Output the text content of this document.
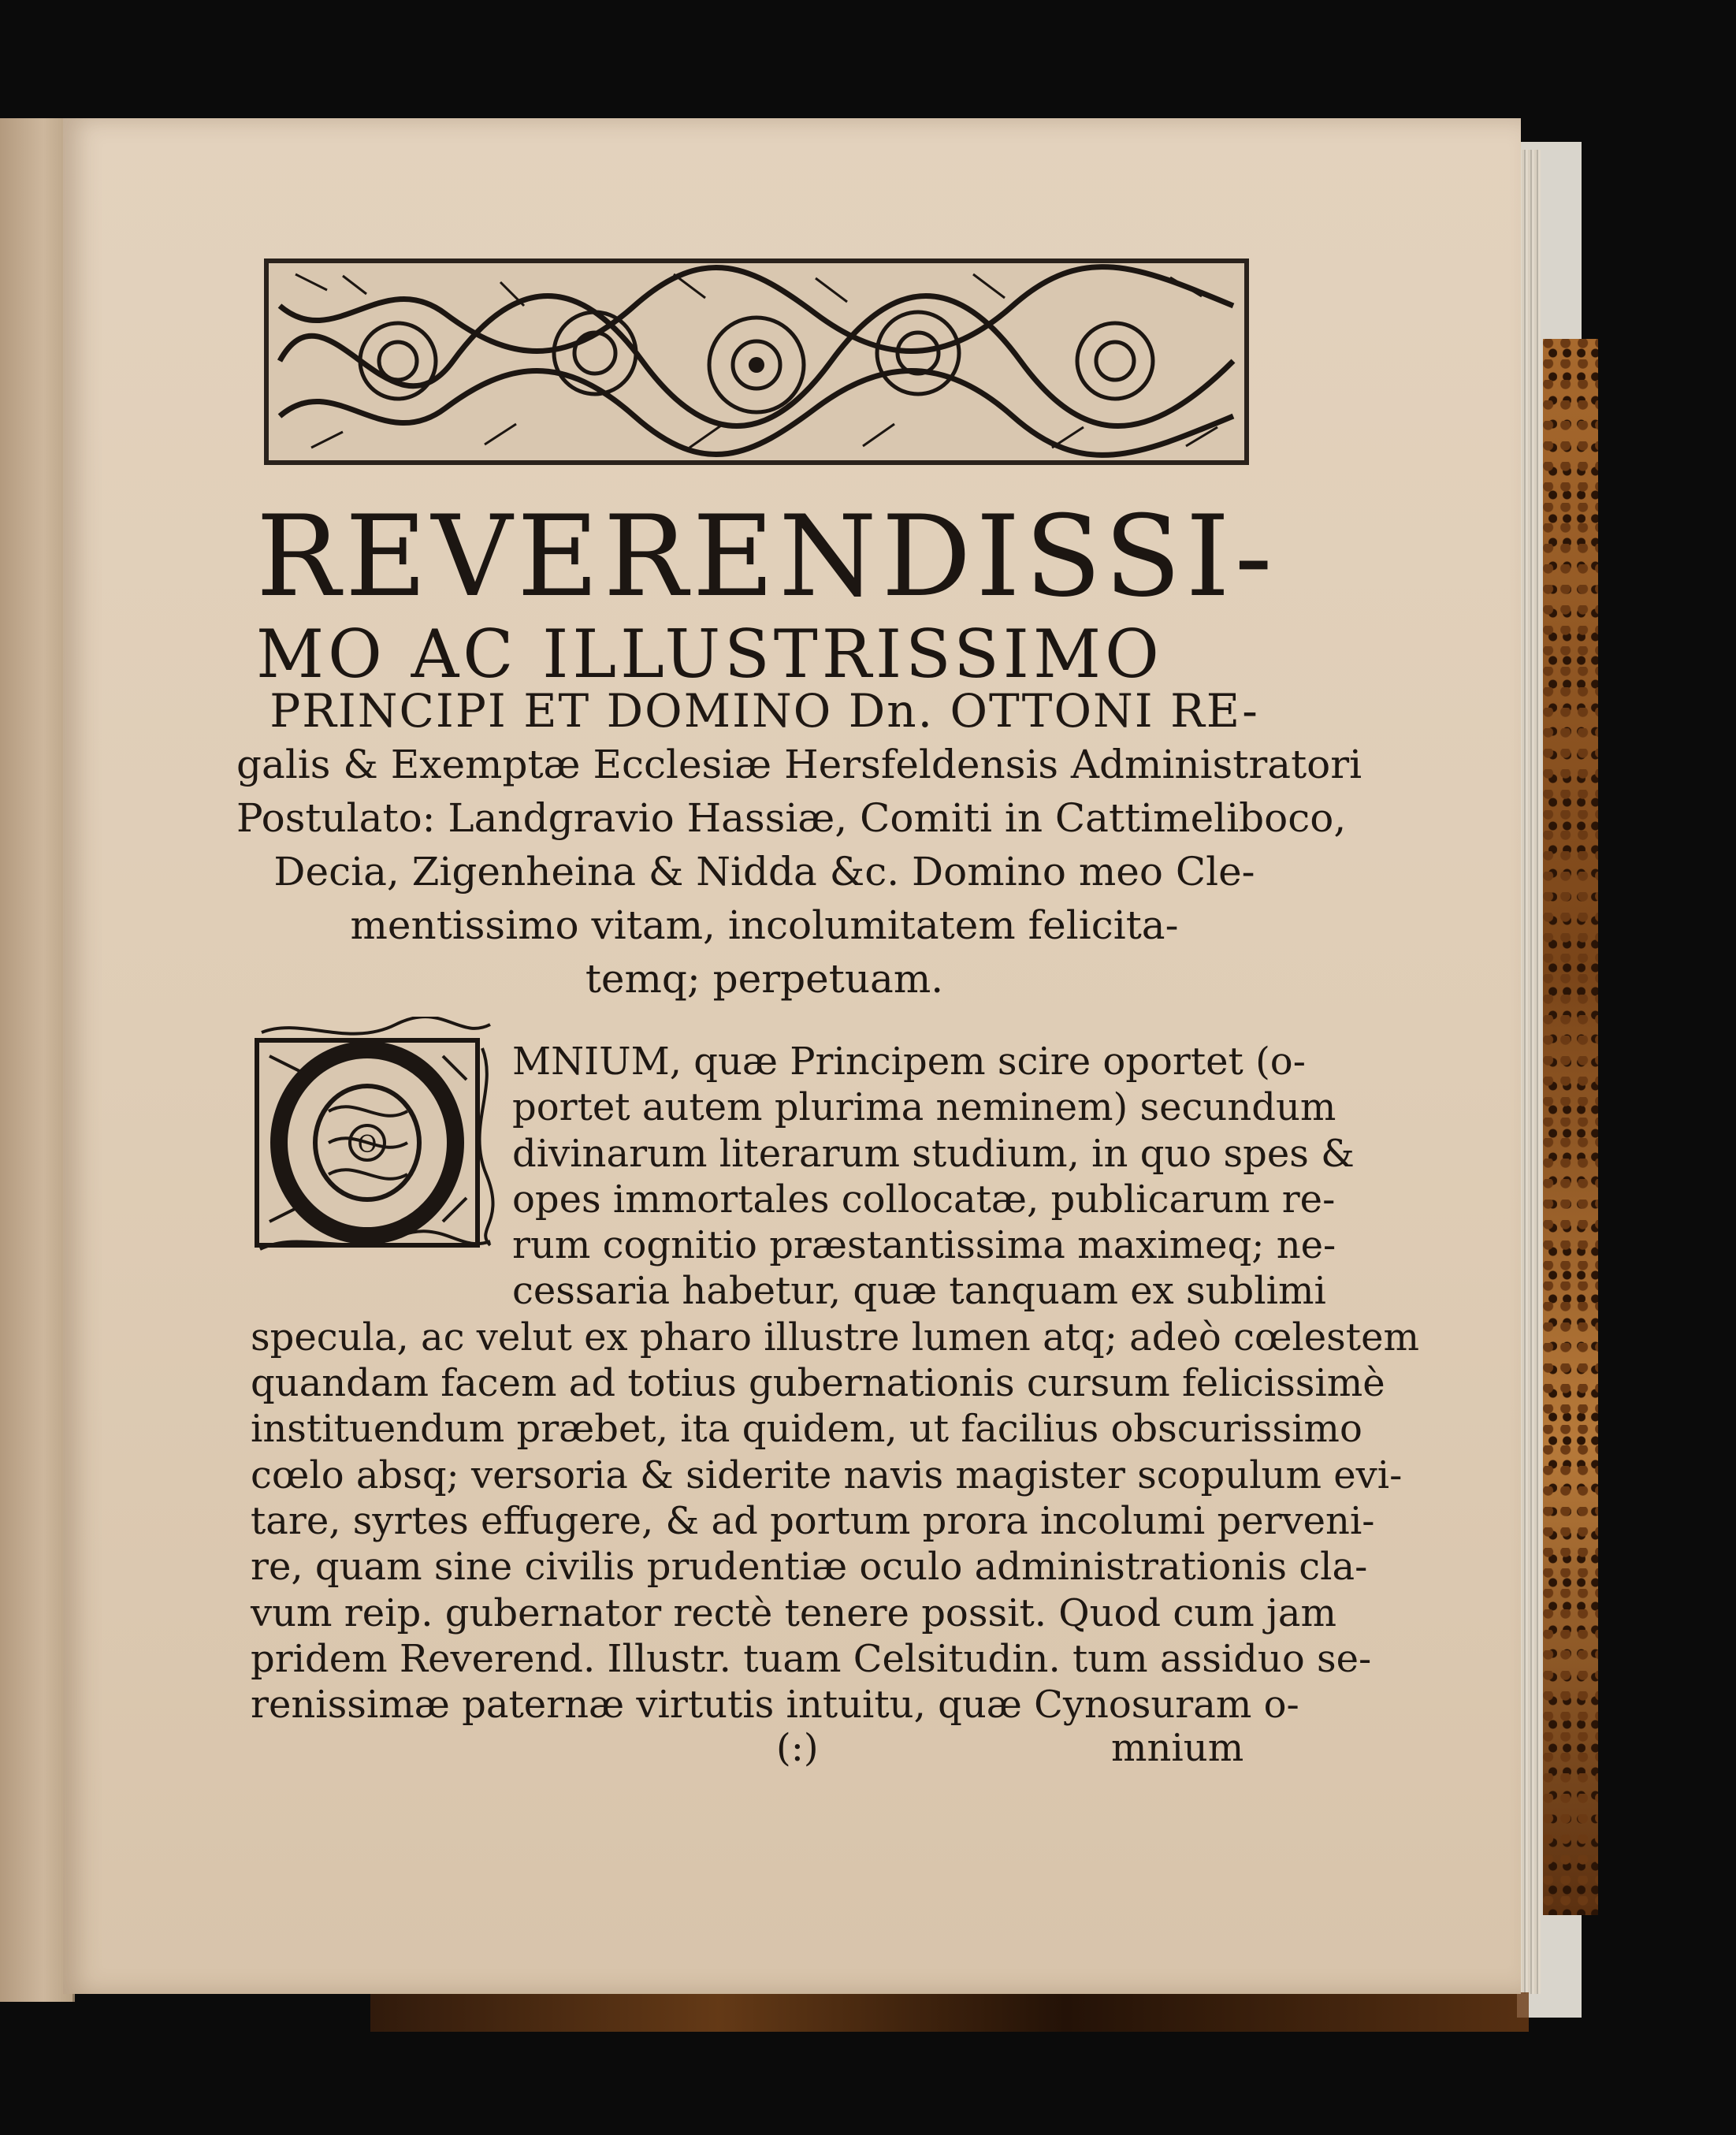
REVERENDISSI-
MO AC ILLUSTRISSIMO
PRINCIPI ET DOMINO Dn. OTTONI RE-
galis & Exemptæ Ecclesiæ Hersfeldensis Administratori
Postulato: Landgravio Hassiæ, Comiti in Cattimeliboco,
Decia, Zigenheina & Nidda &c. Domino meo Cle-
mentissimo vitam, incolumitatem felicita-
temq; perpetuam.
O
MNIUM, quæ Principem scire oportet (o-
portet autem plurima neminem) secundum
divinarum literarum studium, in quo spes &
opes immortales collocatæ, publicarum re-
rum cognitio præstantissima maximeq; ne-
cessaria habetur, quæ tanquam ex sublimi
specula, ac velut ex pharo illustre lumen atq; adeò cœlestem
quandam facem ad totius gubernationis cursum felicissimè
instituendum præbet, ita quidem, ut facilius obscurissimo
cœlo absq; versoria & siderite navis magister scopulum evi-
tare, syrtes effugere, & ad portum prora incolumi perveni-
re, quam sine civilis prudentiæ oculo administrationis cla-
vum reip. gubernator rectè tenere possit. Quod cum jam
pridem Reverend. Illustr. tuam Celsitudin. tum assiduo se-
renissimæ paternæ virtutis intuitu, quæ Cynosuram o-
(:)	mnium
